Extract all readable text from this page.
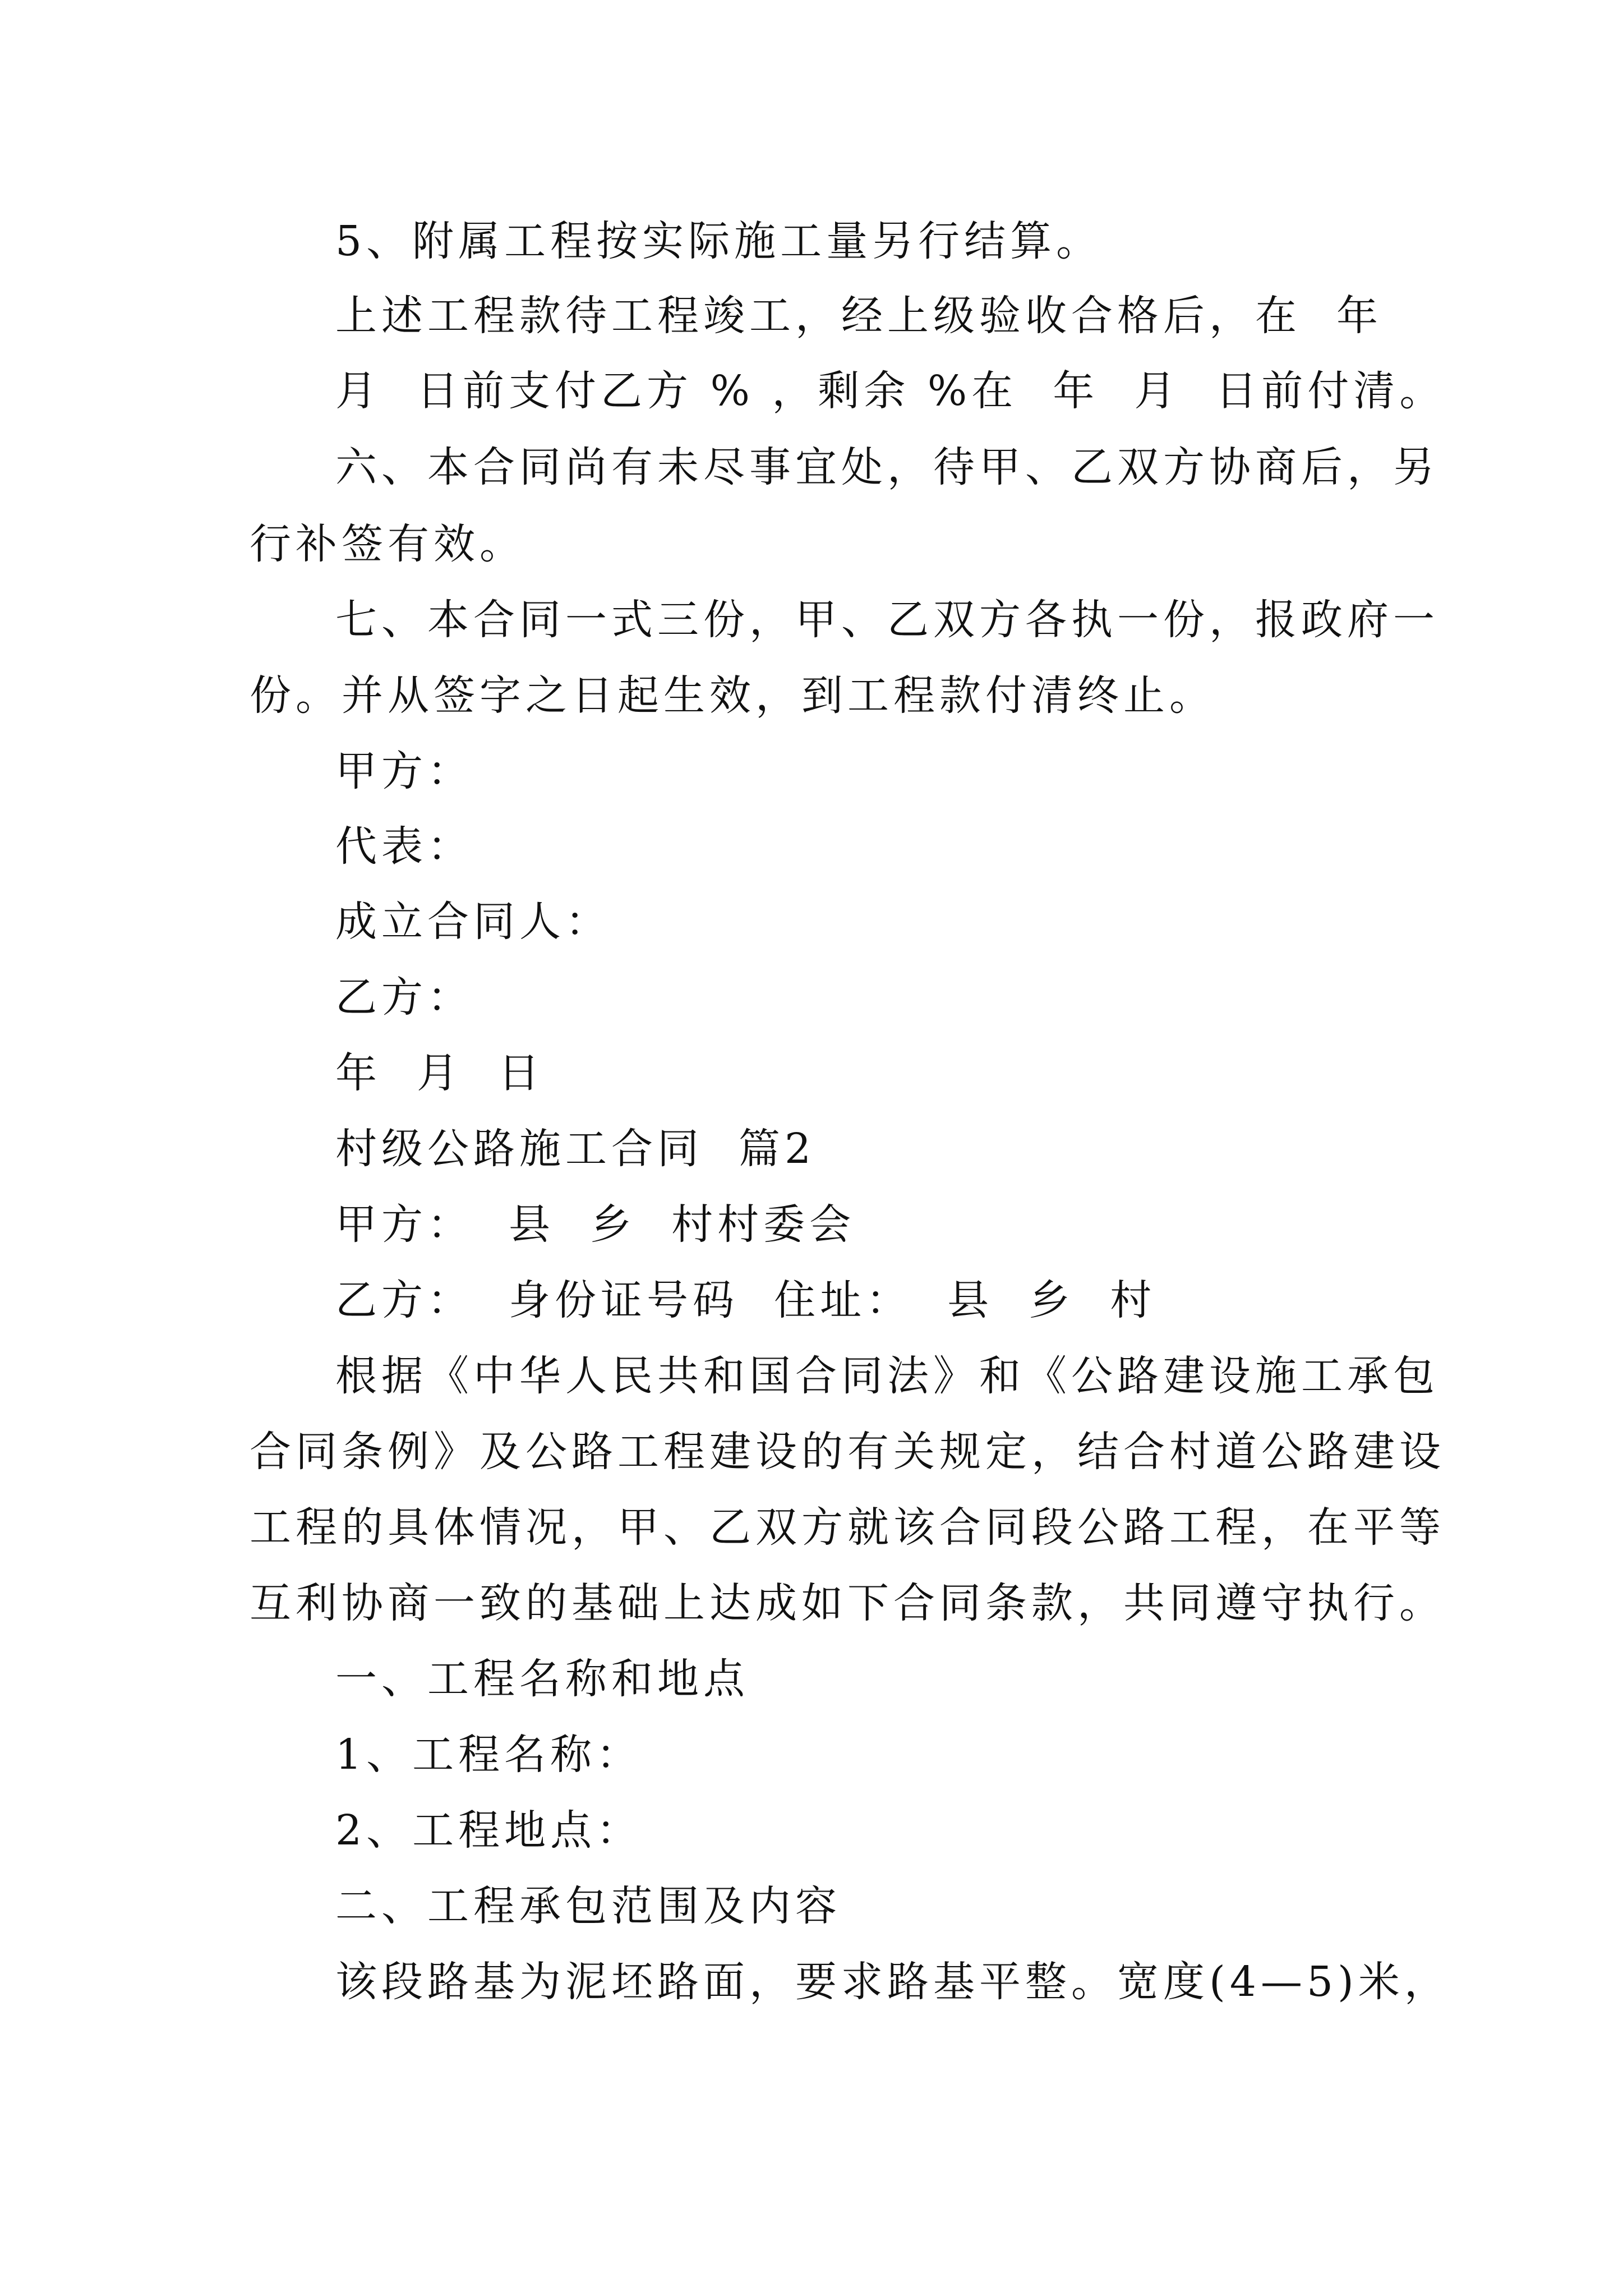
5、附属工程按实际施工量另行结算。
上述工程款待工程竣工，经上级验收合格后，在  年
月  日前支付乙方 % ，剩余 %在  年  月  日前付清。
六、本合同尚有未尽事宜处，待甲、乙双方协商后，另
行补签有效。
七、本合同一式三份，甲、乙双方各执一份，报政府一
份。并从签字之日起生效，到工程款付清终止。
甲方：
代表：
成立合同人：
乙方：
年  月  日
村级公路施工合同  篇2
甲方：  县  乡  村村委会
乙方：  身份证号码  住址：  县  乡  村
根据《中华人民共和国合同法》和《公路建设施工承包
合同条例》及公路工程建设的有关规定，结合村道公路建设
工程的具体情况，甲、乙双方就该合同段公路工程，在平等
互利协商一致的基础上达成如下合同条款，共同遵守执行。
一、工程名称和地点
1、工程名称：
2、工程地点：
二、工程承包范围及内容
该段路基为泥坯路面，要求路基平整。宽度(4—5)米，
